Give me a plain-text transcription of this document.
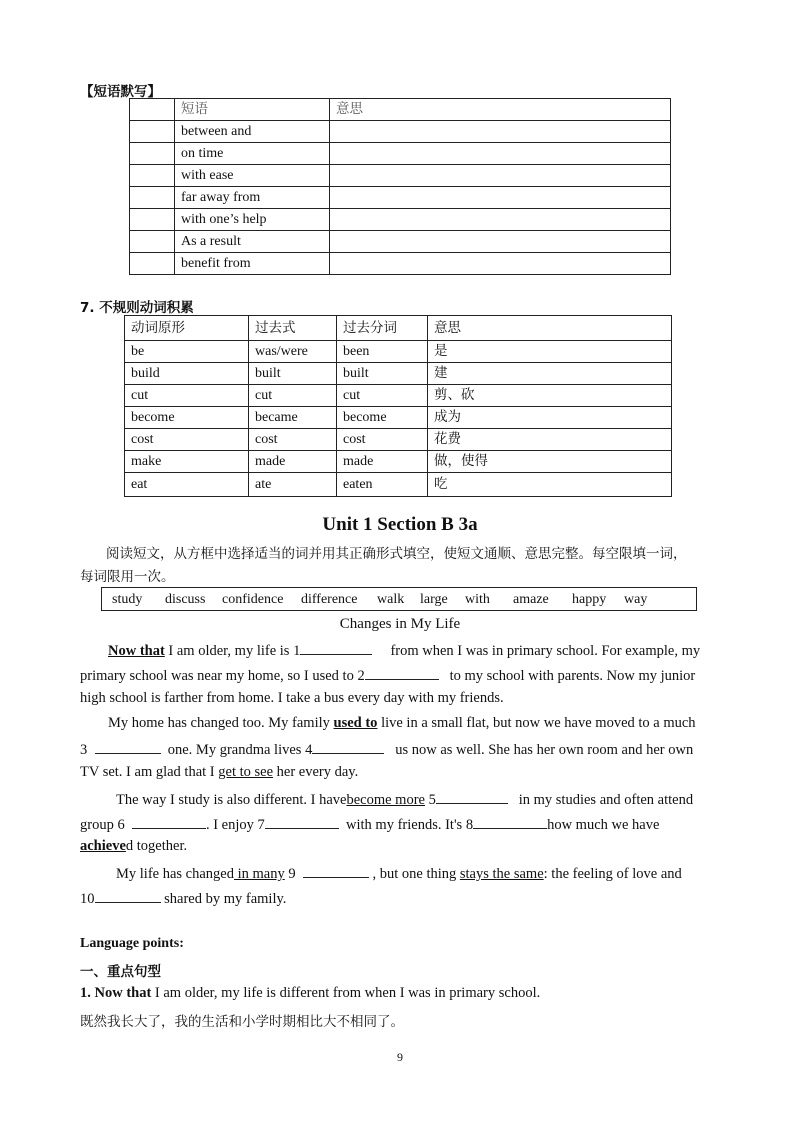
【短语默写】
	短语	意思
	between and	
	on time	
	with ease	
	far away from	
	with one’s help	
	As a result	
	benefit from	
7. 不规则动词积累
动词原形	过去式	过去分词	意思
be	was/were	been	是
build	built	built	建
cut	cut	cut	剪、砍
become	became	become	成为
cost	cost	cost	花费
make	made	made	做，使得
eat	ate	eaten	吃
Unit 1 Section B 3a
阅读短文，从方框中选择适当的词并用其正确形式填空，使短文通顺、意思完整。每空限填一词，
每词限用一次。
study discuss confidence difference walk large with amaze happy way
Changes in My Life
Now that I am older, my life is 1	from when I was in primary school. For example, my
primary school was near my home, so I used to 2	to my school with parents. Now my junior
high school is farther from home. I take a bus every day with my friends.
My home has changed too. My family used to live in a small flat, but now we have moved to a much
3	one. My grandma lives 4	us now as well. She has her own room and her own
TV set. I am glad that I get to see her every day.
The way I study is also different. I havebecome more 5	in my studies and often attend
group 6	. I enjoy 7	with my friends. It's 8	how much we have
achieved together.
My life has changed in many 9	, but one thing stays the same: the feeling of love and
10	shared by my family.
Language points:
一、重点句型
1. Now that I am older, my life is different from when I was in primary school.
既然我长大了，我的生活和小学时期相比大不相同了。
9
